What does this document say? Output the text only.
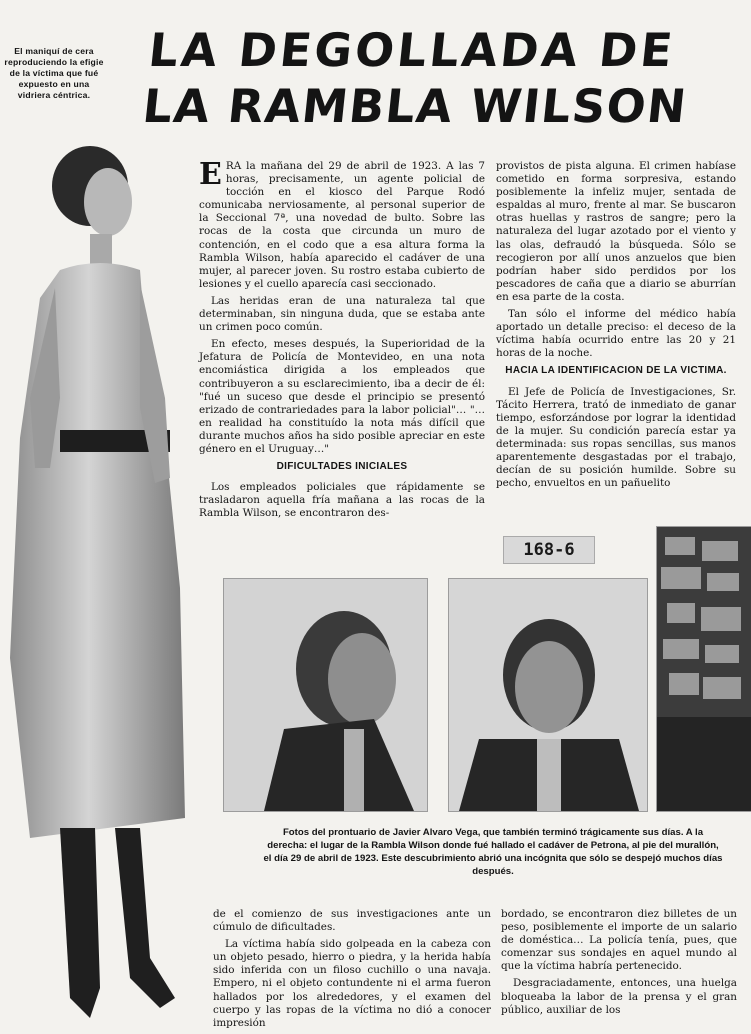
El maniquí de cera reproduciendo la efigie de la víctima que fué expuesto en una vidriera céntrica.
LA DEGOLLADA DE
LA RAMBLA WILSON

ERA la mañana del 29 de abril de 1923. A las 7 horas, precisamente, un agente policial de tocción en el kiosco del Parque Rodó comunicaba nerviosamente, al personal superior de la Seccional 7ª, una novedad de bulto. Sobre las rocas de la costa que circunda un muro de contención, en el codo que a esa altura forma la Rambla Wilson, había aparecido el cadáver de una mujer, al parecer joven. Su rostro estaba cubierto de lesiones y el cuello aparecía casi seccionado.

Las heridas eran de una naturaleza tal que determinaban, sin ninguna duda, que se estaba ante un crimen poco común.

En efecto, meses después, la Superioridad de la Jefatura de Policía de Montevideo, en una nota encomiástica dirigida a los empleados que contribuyeron a su esclarecimiento, iba a decir de él: "fué un suceso que desde el principio se presentó erizado de contrariedades para la labor policial"… "…en realidad ha constituído la nota más difícil que durante muchos años ha sido posible apreciar en este género en el Uruguay…"

DIFICULTADES INICIALES

Los empleados policiales que rápidamente se trasladaron aquella fría mañana a las rocas de la Rambla Wilson, se encontraron des-

provistos de pista alguna. El crimen habíase cometido en forma sorpresiva, estando posiblemente la infeliz mujer, sentada de espaldas al muro, frente al mar. Se buscaron otras huellas y rastros de sangre; pero la naturaleza del lugar azotado por el viento y las olas, defraudó la búsqueda. Sólo se recogieron por allí unos anzuelos que bien podrían haber sido perdidos por los pescadores de caña que a diario se aburrían en esa parte de la costa.

Tan sólo el informe del médico había aportado un detalle preciso: el deceso de la víctima había ocurrido entre las 20 y 21 horas de la noche.

HACIA LA IDENTIFICACION DE LA VICTIMA.

El Jefe de Policía de Investigaciones, Sr. Tácito Herrera, trató de inmediato de ganar tiempo, esforzándose por lograr la identidad de la mujer. Su condición parecía estar ya determinada: sus ropas sencillas, sus manos aparentemente desgastadas por el trabajo, decían de su posición humilde. Sobre su pecho, envueltos en un pañuelito

168-6
Fotos del prontuario de Javier Alvaro Vega, que también terminó trágicamente sus días. A la derecha: el lugar de la Rambla Wilson donde fué hallado el cadáver de Petrona, al pie del murallón, el día 29 de abril de 1923. Este descubrimiento abrió una incógnita que sólo se despejó muchos días después.

de el comienzo de sus investigaciones ante un cúmulo de dificultades.

La víctima había sido golpeada en la cabeza con un objeto pesado, hierro o piedra, y la herida había sido inferida con un filoso cuchillo o una navaja. Empero, ni el objeto contundente ni el arma fueron hallados por los alrededores, y el examen del cuerpo y las ropas de la víctima no dió a conocer impresión

bordado, se encontraron diez billetes de un peso, posiblemente el importe de un salario de doméstica… La policía tenía, pues, que comenzar sus sondajes en aquel mundo al que la víctima habría pertenecido.

Desgraciadamente, entonces, una huelga bloqueaba la labor de la prensa y el gran público, auxiliar de los
